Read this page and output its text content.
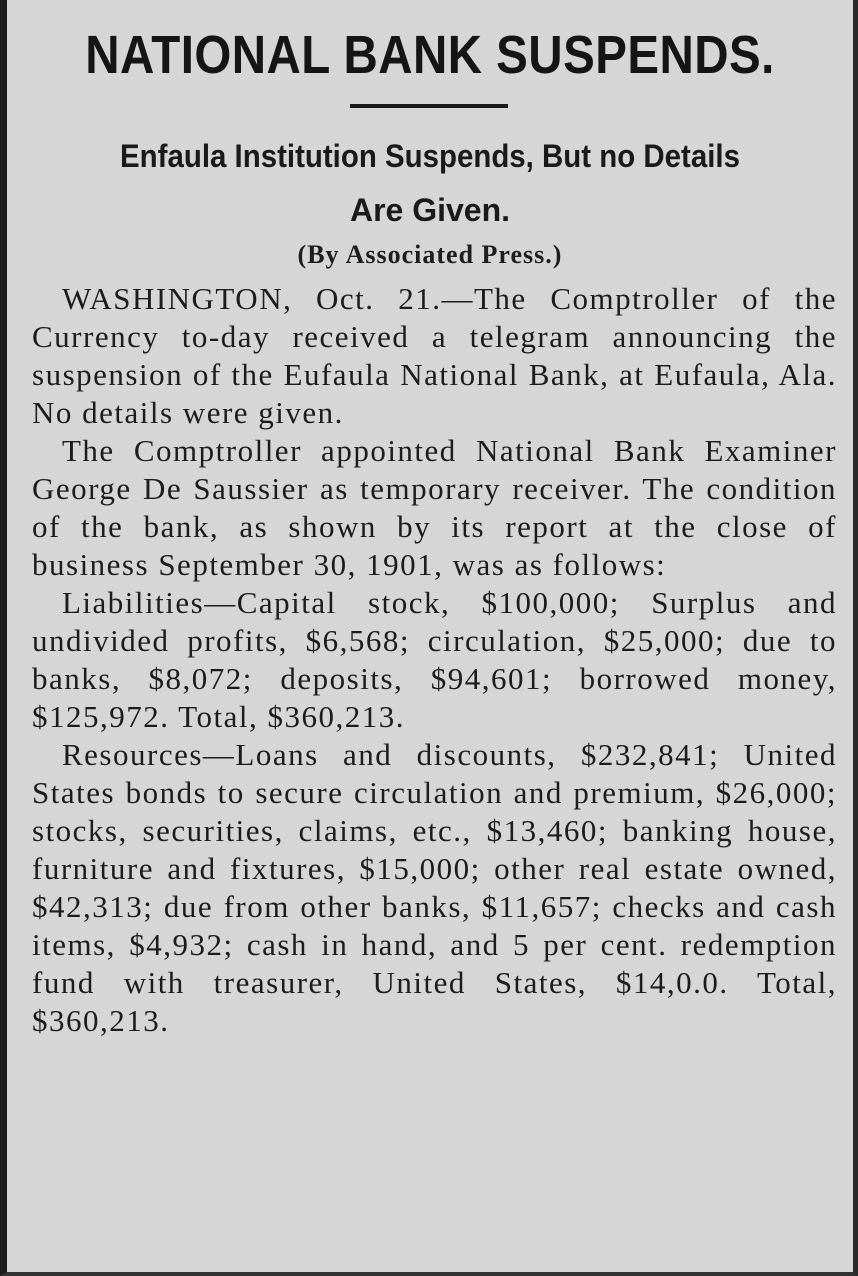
NATIONAL BANK SUSPENDS.
Enfaula Institution Suspends, But no Details
Are Given.
(By Associated Press.)

WASHINGTON, Oct. 21.—The Comptroller of the Currency to-day received a telegram announcing the suspension of the Eufaula National Bank, at Eufaula, Ala. No details were given.

The Comptroller appointed National Bank Examiner George De Saussier as temporary receiver. The condition of the bank, as shown by its report at the close of business September 30, 1901, was as follows:

Liabilities—Capital stock, $100,000; Surplus and undivided profits, $6,568; circulation, $25,000; due to banks, $8,072; deposits, $94,601; borrowed money, $125,972. Total, $360,213.

Resources—Loans and discounts, $232,841; United States bonds to secure circulation and premium, $26,000; stocks, securities, claims, etc., $13,460; banking house, furniture and fixtures, $15,000; other real estate owned, $42,313; due from other banks, $11,657; checks and cash items, $4,932; cash in hand, and 5 per cent. redemption fund with treasurer, United States, $14,0.0. Total, $360,213.
